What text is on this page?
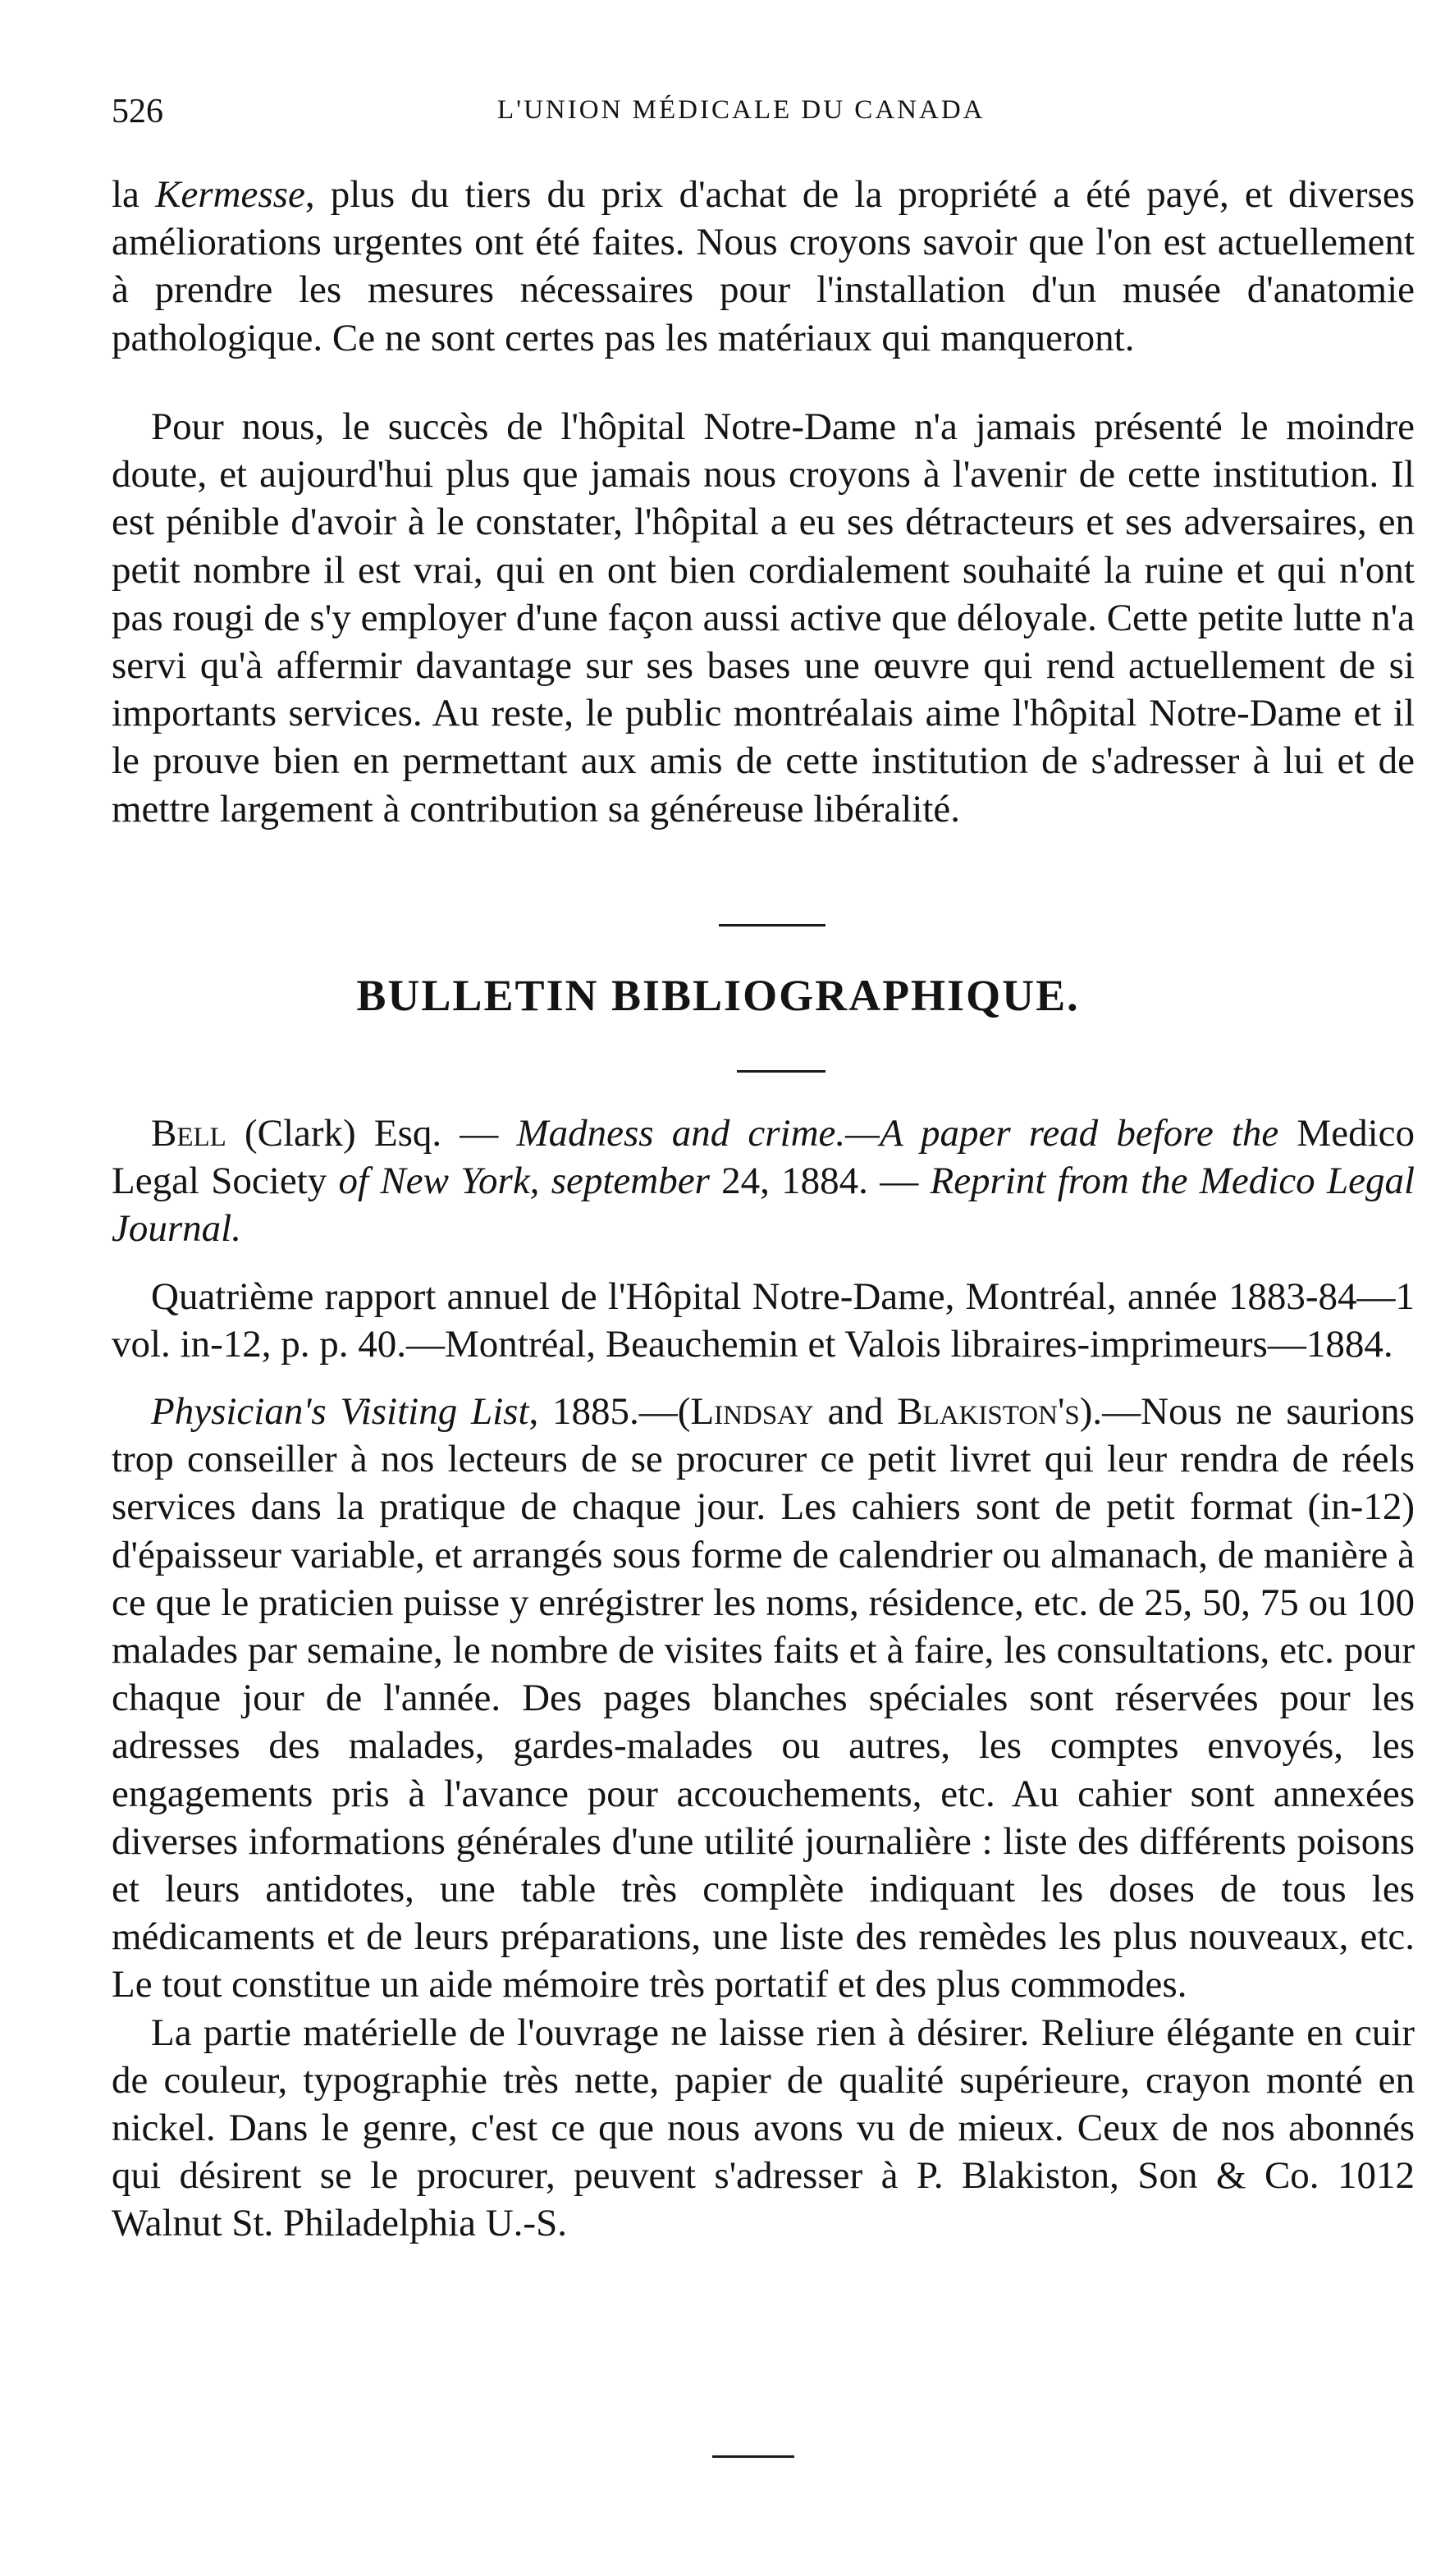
526	L'UNION MÉDICALE DU CANADA

la Kermesse, plus du tiers du prix d'achat de la propriété a été payé, et diverses améliorations urgentes ont été faites. Nous croyons savoir que l'on est actuellement à prendre les mesures nécessaires pour l'installation d'un musée d'anatomie pathologique. Ce ne sont certes pas les matériaux qui manqueront.

Pour nous, le succès de l'hôpital Notre-Dame n'a jamais présenté le moindre doute, et aujourd'hui plus que jamais nous croyons à l'avenir de cette institution. Il est pénible d'avoir à le constater, l'hôpital a eu ses détracteurs et ses adversaires, en petit nombre il est vrai, qui en ont bien cordialement souhaité la ruine et qui n'ont pas rougi de s'y employer d'une façon aussi active que déloyale. Cette petite lutte n'a servi qu'à affermir davantage sur ses bases une œuvre qui rend actuellement de si importants services. Au reste, le public montréalais aime l'hôpital Notre-Dame et il le prouve bien en permettant aux amis de cette institution de s'adresser à lui et de mettre largement à contribution sa généreuse libéralité.

BULLETIN BIBLIOGRAPHIQUE.

Bell (Clark) Esq. — Madness and crime.—A paper read before the Medico Legal Society of New York, september 24, 1884. — Reprint from the Medico Legal Journal.

Quatrième rapport annuel de l'Hôpital Notre-Dame, Montréal, année 1883-84—1 vol. in-12, p. p. 40.—Montréal, Beauchemin et Valois libraires-imprimeurs—1884.

Physician's Visiting List, 1885.—(Lindsay and Blakiston's).—Nous ne saurions trop conseiller à nos lecteurs de se procurer ce petit livret qui leur rendra de réels services dans la pratique de chaque jour. Les cahiers sont de petit format (in-12) d'épaisseur variable, et arrangés sous forme de calendrier ou almanach, de manière à ce que le praticien puisse y enrégistrer les noms, résidence, etc. de 25, 50, 75 ou 100 malades par semaine, le nombre de visites faits et à faire, les consultations, etc. pour chaque jour de l'année. Des pages blanches spéciales sont réservées pour les adresses des malades, gardes-malades ou autres, les comptes envoyés, les engagements pris à l'avance pour accouchements, etc. Au cahier sont annexées diverses informations générales d'une utilité journalière : liste des différents poisons et leurs antidotes, une table très complète indiquant les doses de tous les médicaments et de leurs préparations, une liste des remèdes les plus nouveaux, etc. Le tout constitue un aide mémoire très portatif et des plus commodes.

La partie matérielle de l'ouvrage ne laisse rien à désirer. Reliure élégante en cuir de couleur, typographie très nette, papier de qualité supérieure, crayon monté en nickel. Dans le genre, c'est ce que nous avons vu de mieux. Ceux de nos abonnés qui désirent se le procurer, peuvent s'adresser à P. Blakiston, Son & Co. 1012 Walnut St. Philadelphia U.-S.
